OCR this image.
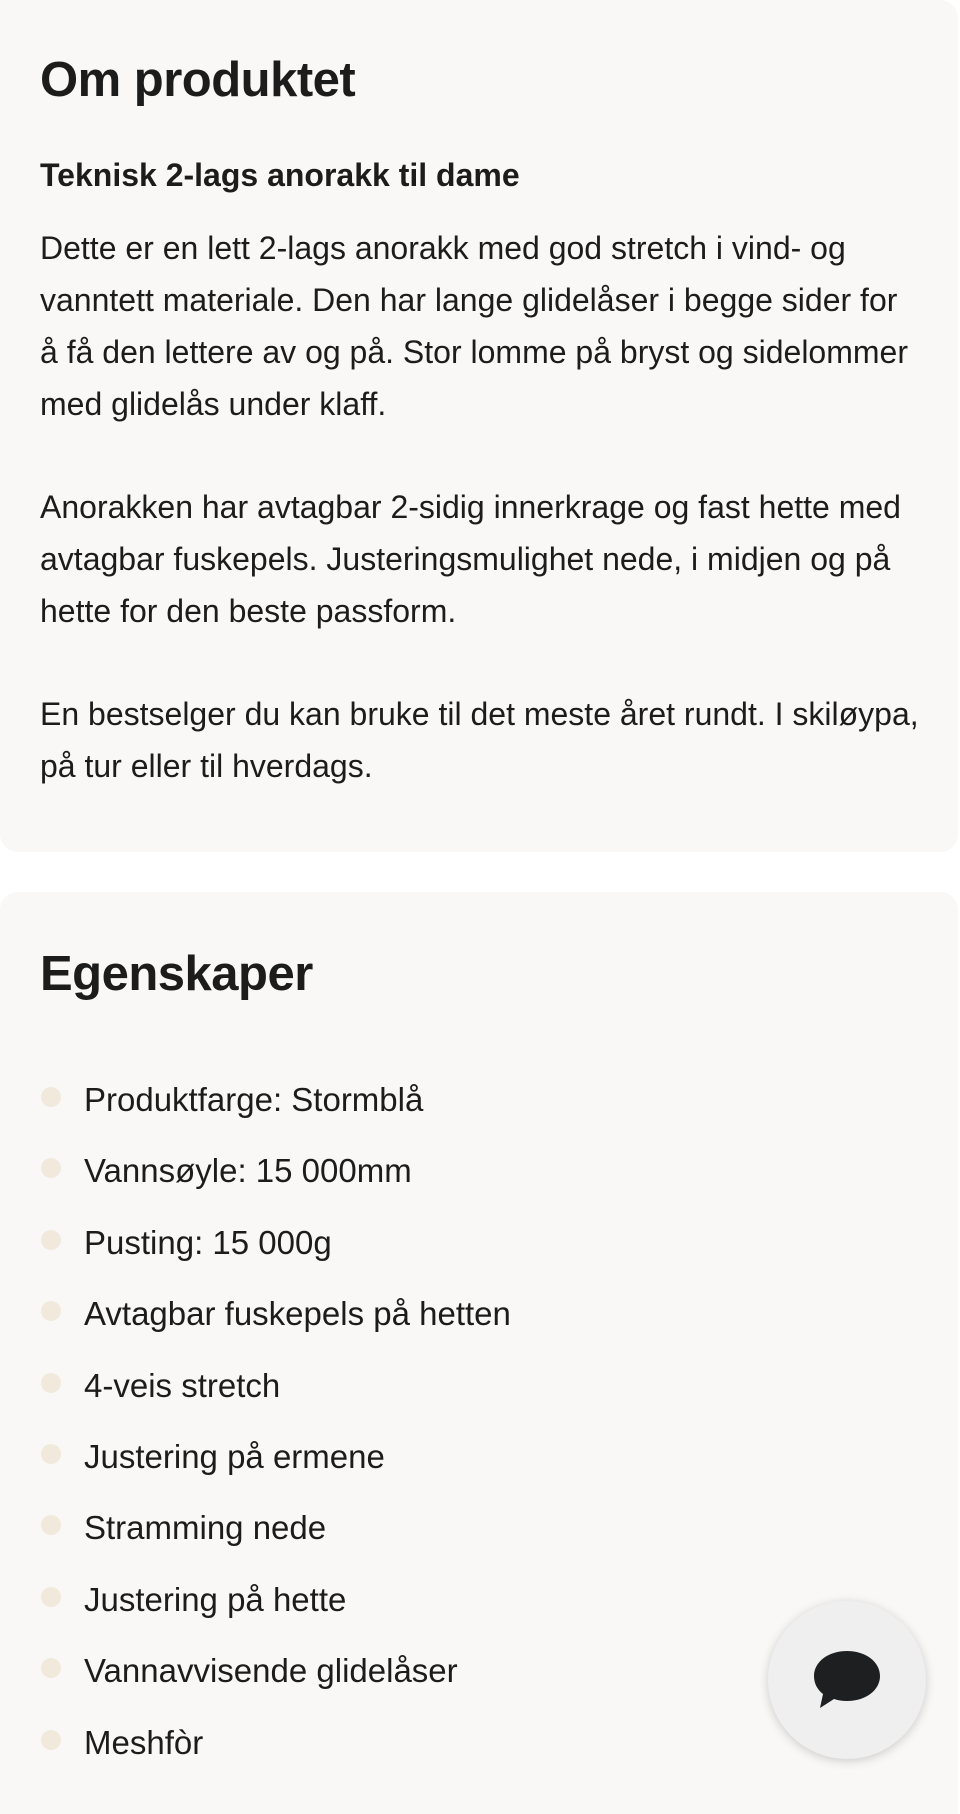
Om produktet
Teknisk 2-lags anorakk til dame

Dette er en lett 2-lags anorakk med god stretch i vind- og vanntett materiale. Den har lange glidelåser i begge sider for å få den lettere av og på. Stor lomme på bryst og sidelommer med glidelås under klaff.

Anorakken har avtagbar 2-sidig innerkrage og fast hette med avtagbar fuskepels. Justeringsmulighet nede, i midjen og på hette for den beste passform.

En bestselger du kan bruke til det meste året rundt. I skiløypa, på tur eller til hverdags.

Egenskaper
Produktfarge: Stormblå
Vannsøyle: 15 000mm
Pusting: 15 000g
Avtagbar fuskepels på hetten
4-veis stretch
Justering på ermene
Stramming nede
Justering på hette
Vannavvisende glidelåser
Meshfòr
